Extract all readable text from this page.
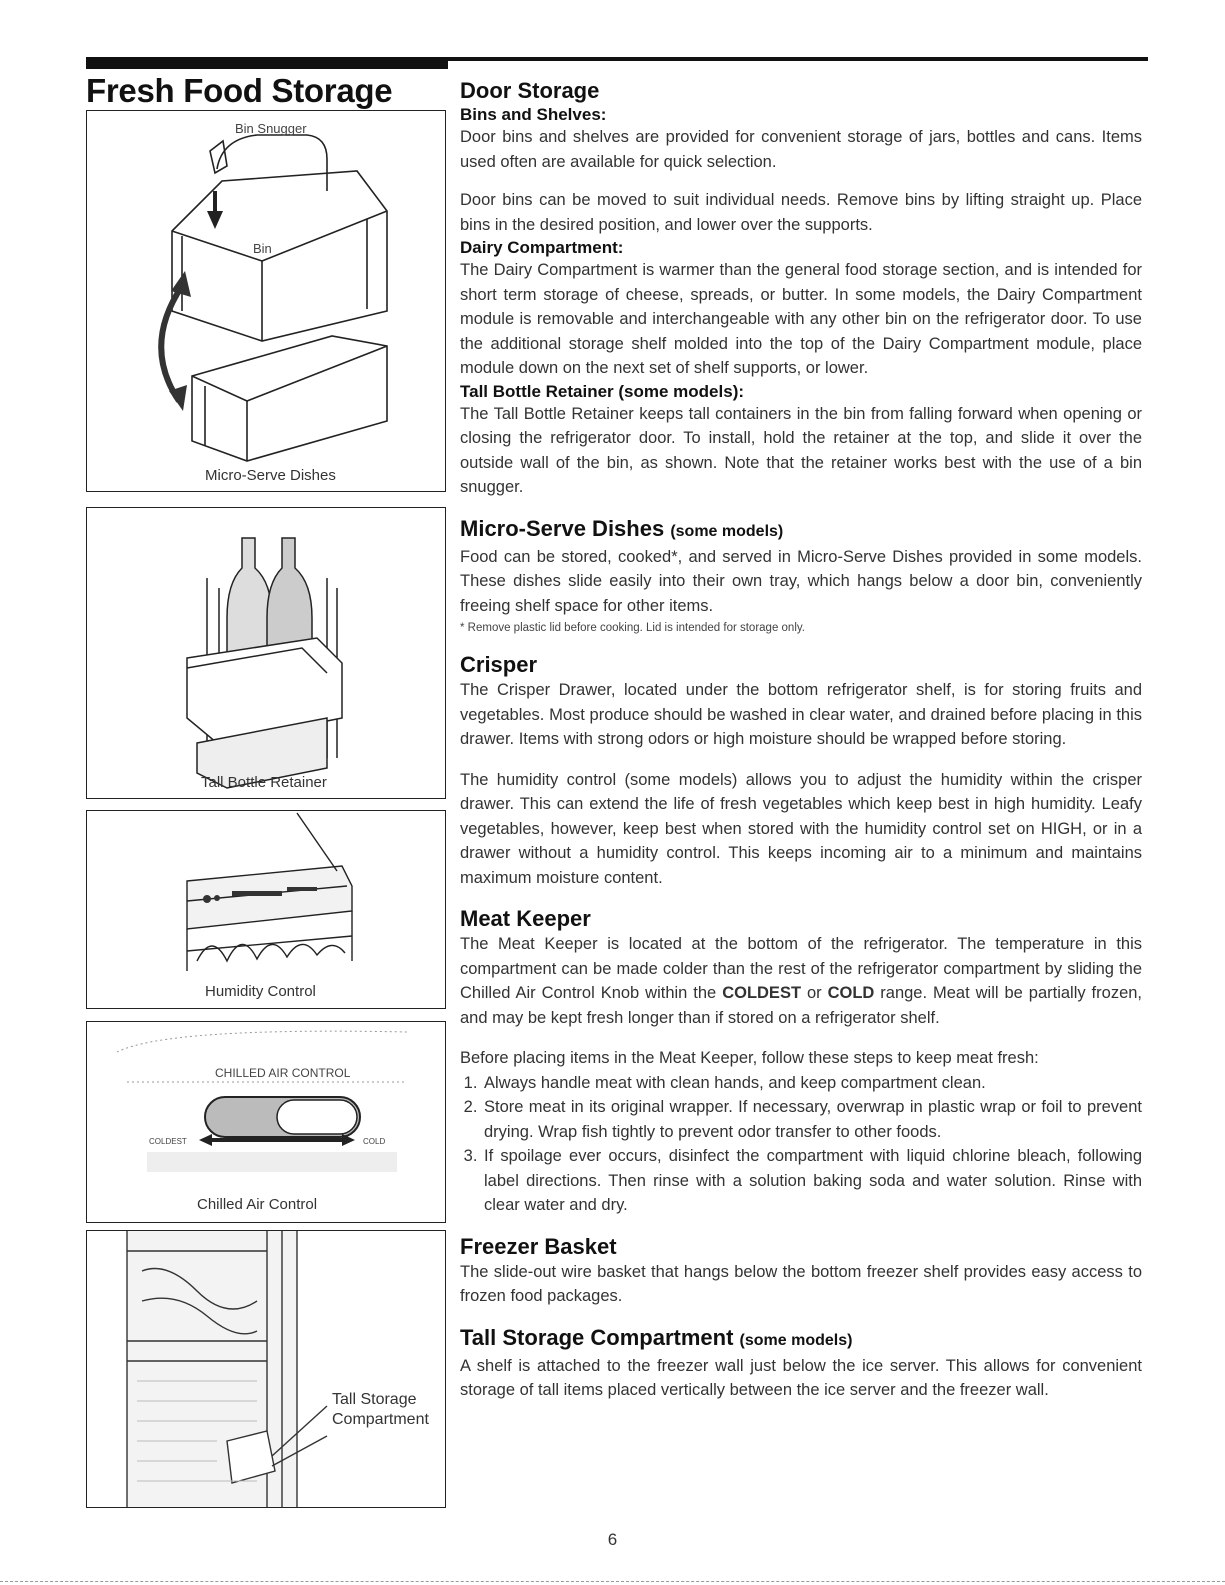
Fresh Food Storage
Bin Snugger
Bin
Micro-Serve Dishes
Tall Bottle Retainer
Humidity Control
CHILLED AIR CONTROL
COLDEST	COLD
Chilled Air Control
Tall Storage
Compartment
Door Storage
Bins and Shelves:

Door bins and shelves are provided for convenient storage of jars, bottles and cans. Items used often are available for quick selection.

Door bins can be moved to suit individual needs. Remove bins by lifting straight up. Place bins in the desired position, and lower over the supports.

Dairy Compartment:

The Dairy Compartment is warmer than the general food storage section, and is intended for short term storage of cheese, spreads, or butter. In some models, the Dairy Compartment module is removable and interchangeable with any other bin on the refrigerator door. To use the additional storage shelf molded into the top of the Dairy Compartment module, place module down on the next set of shelf supports, or lower.

Tall Bottle Retainer (some models):

The Tall Bottle Retainer keeps tall containers in the bin from falling forward when opening or closing the refrigerator door. To install, hold the retainer at the top, and slide it over the outside wall of the bin, as shown. Note that the retainer works best with the use of a bin snugger.

Micro-Serve Dishes (some models)

Food can be stored, cooked*, and served in Micro-Serve Dishes provided in some models. These dishes slide easily into their own tray, which hangs below a door bin, conveniently freeing shelf space for other items.

* Remove plastic lid before cooking. Lid is intended for storage only.

Crisper

The Crisper Drawer, located under the bottom refrigerator shelf, is for storing fruits and vegetables. Most produce should be washed in clear water, and drained before placing in this drawer. Items with strong odors or high moisture should be wrapped before storing.

The humidity control (some models) allows you to adjust the humidity within the crisper drawer. This can extend the life of fresh vegetables which keep best in high humidity. Leafy vegetables, however, keep best when stored with the humidity control set on HIGH, or in a drawer without a humidity control. This keeps incoming air to a minimum and maintains maximum moisture content.

Meat Keeper

The Meat Keeper is located at the bottom of the refrigerator. The temperature in this compartment can be made colder than the rest of the refrigerator compartment by sliding the Chilled Air Control Knob within the COLDEST or COLD range. Meat will be partially frozen, and may be kept fresh longer than if stored on a refrigerator shelf.

Before placing items in the Meat Keeper, follow these steps to keep meat fresh:

1. Always handle meat with clean hands, and keep compartment clean.
2. Store meat in its original wrapper. If necessary, overwrap in plastic wrap or foil to prevent drying. Wrap fish tightly to prevent odor transfer to other foods.
3. If spoilage ever occurs, disinfect the compartment with liquid chlorine bleach, following label directions. Then rinse with a solution baking soda and water solution. Rinse with clear water and dry.
Freezer Basket

The slide-out wire basket that hangs below the bottom freezer shelf provides easy access to frozen food packages.

Tall Storage Compartment (some models)

A shelf is attached to the freezer wall just below the ice server. This allows for convenient storage of tall items placed vertically between the ice server and the freezer wall.

6
